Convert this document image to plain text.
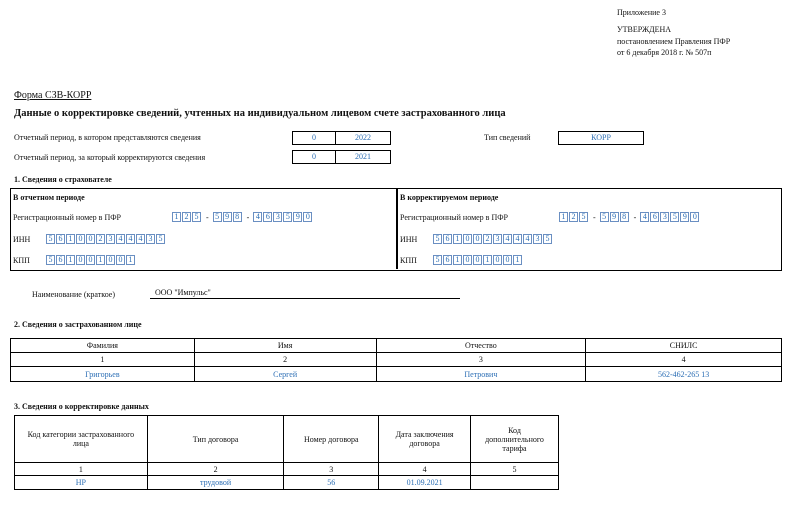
Приложение 3
УТВЕРЖДЕНА
постановлением Правления ПФР
от 6 декабря 2018 г. № 507п
Форма СЗВ-КОРР
Данные о корректировке сведений, учтенных на индивидуальном лицевом счете застрахованного лица
Отчетный период, в котором представляются сведения	0	2022	Тип сведений	КОРР
Отчетный период, за который корректируются сведения	0	2021
1. Сведения о страхователе
В отчетном периоде
Регистрационный номер в ПФР	1 2 5 - 5 9 8 - 4 6 3 5 9 0
ИНН	5 6 1 0 0 2 3 4 4 4 3 5
КПП	5 6 1 0 0 1 0 0 1
В корректируемом периоде
Регистрационный номер в ПФР	1 2 5 - 5 9 8 - 4 6 3 5 9 0
ИНН	5 6 1 0 0 2 3 4 4 4 3 5
КПП	5 6 1 0 0 1 0 0 1
Наименование (краткое)	ООО "Импульс"
2. Сведения о застрахованном лице
Фамилия	Имя	Отчество	СНИЛС
1	2	3	4
Григорьев	Сергей	Петрович	562-462-265 13
3. Сведения о корректировке данных
Код категории застрахованного лица	Тип договора	Номер договора	Дата заключения договора	Код дополнительного тарифа
1	2	3	4	5
НР	трудовой	56	01.09.2021	
